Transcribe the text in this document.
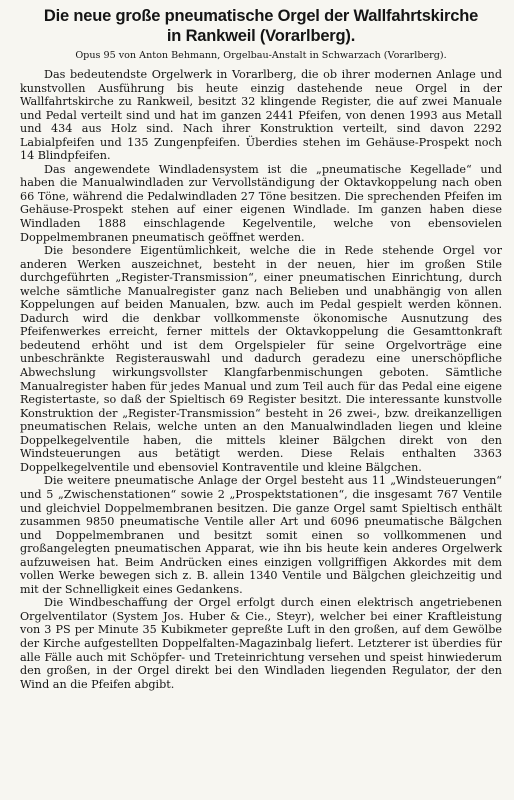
Die neue große pneumatische Orgel der Wallfahrtskirche
in Rankweil (Vorarlberg).
Opus 95 von Anton Behmann, Orgelbau-Anstalt in Schwarzach (Vorarlberg).

Das bedeutendste Orgelwerk in Vorarlberg, die ob ihrer modernen Anlage und kunstvollen Ausführung bis heute einzig dastehende neue Orgel in der Wallfahrtskirche zu Rankweil, besitzt 32 klingende Register, die auf zwei Manuale und Pedal verteilt sind und hat im ganzen 2441 Pfeifen, von denen 1993 aus Metall und 434 aus Holz sind. Nach ihrer Konstruktion verteilt, sind davon 2292 Labialpfeifen und 135 Zungenpfeifen. Überdies stehen im Gehäuse-Prospekt noch 14 Blindpfeifen.

Das angewendete Windladensystem ist die „pneumatische Kegellade“ und haben die Manualwindladen zur Vervollständigung der Oktavkoppelung nach oben 66 Töne, während die Pedalwindladen 27 Töne besitzen. Die sprechenden Pfeifen im Gehäuse-Prospekt stehen auf einer eigenen Windlade. Im ganzen haben diese Windladen 1888 einschlagende Kegelventile, welche von ebensovielen Doppelmembranen pneumatisch geöffnet werden.

Die besondere Eigentümlichkeit, welche die in Rede stehende Orgel vor anderen Werken auszeichnet, besteht in der neuen, hier im großen Stile durchgeführten „Register-Transmission“, einer pneumatischen Einrichtung, durch welche sämtliche Manualregister ganz nach Belieben und unabhängig von allen Koppelungen auf beiden Manualen, bzw. auch im Pedal gespielt werden können. Dadurch wird die denkbar vollkommenste ökonomische Ausnutzung des Pfeifenwerkes erreicht, ferner mittels der Oktavkoppelung die Gesamttonkraft bedeutend erhöht und ist dem Orgelspieler für seine Orgelvorträge eine unbeschränkte Registerauswahl und dadurch geradezu eine unerschöpfliche Abwechslung wirkungsvollster Klangfarbenmischungen geboten. Sämtliche Manualregister haben für jedes Manual und zum Teil auch für das Pedal eine eigene Registertaste, so daß der Spieltisch 69 Register besitzt. Die interessante kunstvolle Konstruktion der „Register-Transmission“ besteht in 26 zwei-, bzw. dreikanzelligen pneumatischen Relais, welche unten an den Manualwindladen liegen und kleine Doppelkegelventile haben, die mittels kleiner Bälgchen direkt von den Windsteuerungen aus betätigt werden. Diese Relais enthalten 3363 Doppelkegelventile und ebensoviel Kontraventile und kleine Bälgchen.

Die weitere pneumatische Anlage der Orgel besteht aus 11 „Windsteuerungen“ und 5 „Zwischenstationen“ sowie 2 „Prospektstationen“, die insgesamt 767 Ventile und gleichviel Doppelmembranen besitzen. Die ganze Orgel samt Spieltisch enthält zusammen 9850 pneumatische Ventile aller Art und 6096 pneumatische Bälgchen und Doppelmembranen und besitzt somit einen so vollkommenen und großangelegten pneumatischen Apparat, wie ihn bis heute kein anderes Orgelwerk aufzuweisen hat. Beim Andrücken eines einzigen vollgriffigen Akkordes mit dem vollen Werke bewegen sich z. B. allein 1340 Ventile und Bälgchen gleichzeitig und mit der Schnelligkeit eines Gedankens.

Die Windbeschaffung der Orgel erfolgt durch einen elektrisch angetriebenen Orgelventilator (System Jos. Huber & Cie., Steyr), welcher bei einer Kraftleistung von 3 PS per Minute 35 Kubikmeter gepreßte Luft in den großen, auf dem Gewölbe der Kirche aufgestellten Doppelfalten-Magazinbalg liefert. Letzterer ist überdies für alle Fälle auch mit Schöpfer- und Treteinrichtung versehen und speist hinwiederum den großen, in der Orgel direkt bei den Windladen liegenden Regulator, der den Wind an die Pfeifen abgibt.
